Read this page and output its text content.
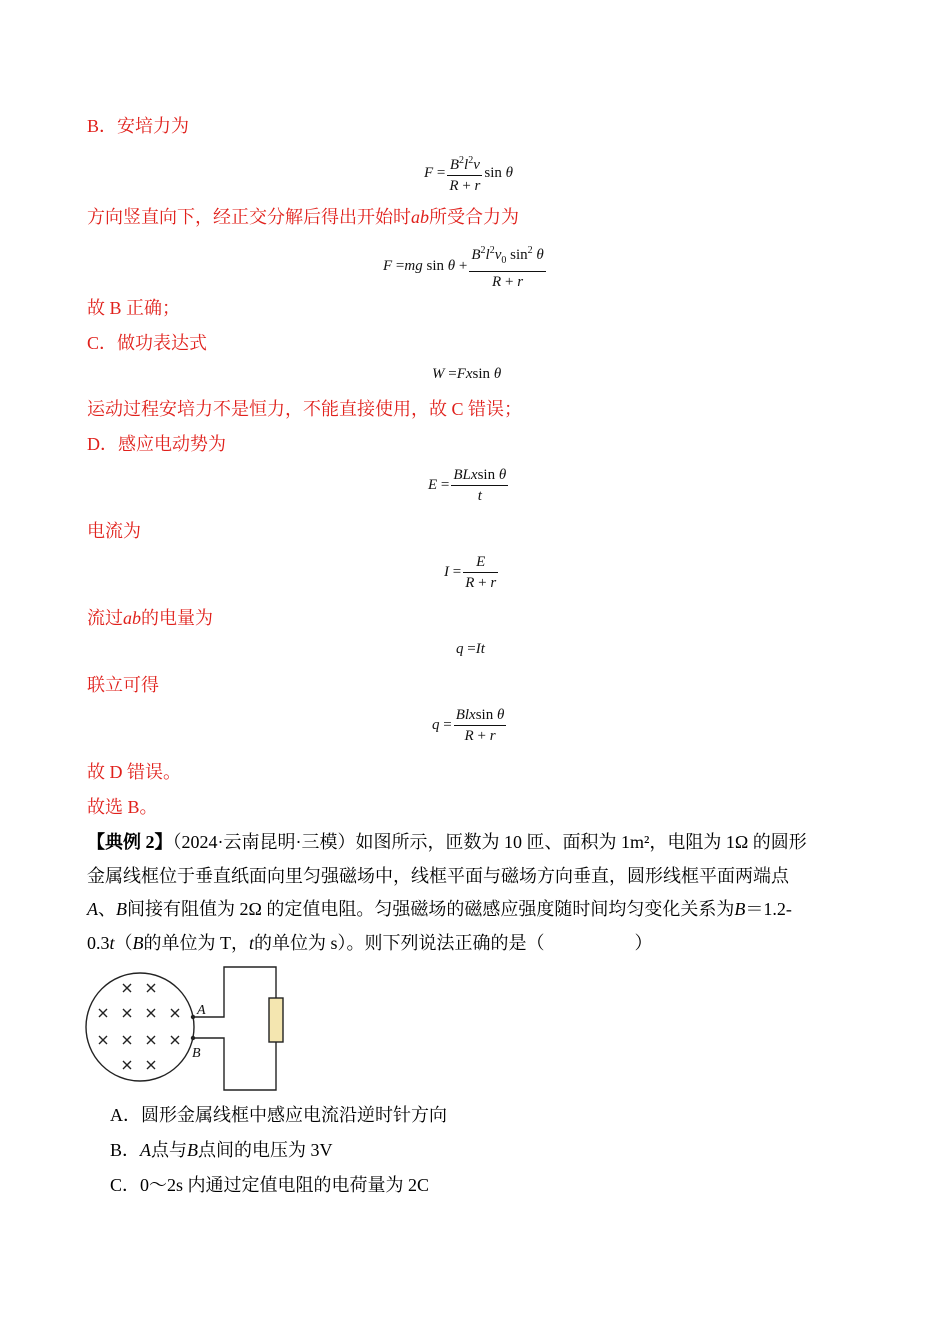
B．安培力为
$F = \frac{B^2l^2v}{R + r}$ sin θ
方向竖直向下，经正交分解后得出开始时ab所受合力为
F =mg $\sin \theta + \frac{B^2l^2v_0 \sin^2 \theta}{R + r}$
故 B 正确；
C．做功表达式
W =Fxsin θ
运动过程安培力不是恒力，不能直接使用，故 C 错误；
D．感应电动势为
$E = \frac{\text{BLxsin θ}}{t}$
电流为
$I = \frac{E}{R + r}$
流过ab的电量为
q =It
联立可得
$q = \frac{\text{Blxsin θ}}{R + r}$
故 D 错误。
故选 B。
【典例 2】（2024·云南昆明·三模）如图所示，匝数为 10 匝、面积为 1m²，电阻为 1Ω 的圆形
金属线框位于垂直纸面向里匀强磁场中，线框平面与磁场方向垂直，圆形线框平面两端点
A、B间接有阻值为 2Ω 的定值电阻。匀强磁场的磁感应强度随时间均匀变化关系为B＝1.2-
0.3t（B的单位为 T，t的单位为 s）。则下列说法正确的是（　　　　　）
A
B
A．圆形金属线框中感应电流沿逆时针方向
B．A点与B点间的电压为 3V
C．0～2s 内通过定值电阻的电荷量为 2C
